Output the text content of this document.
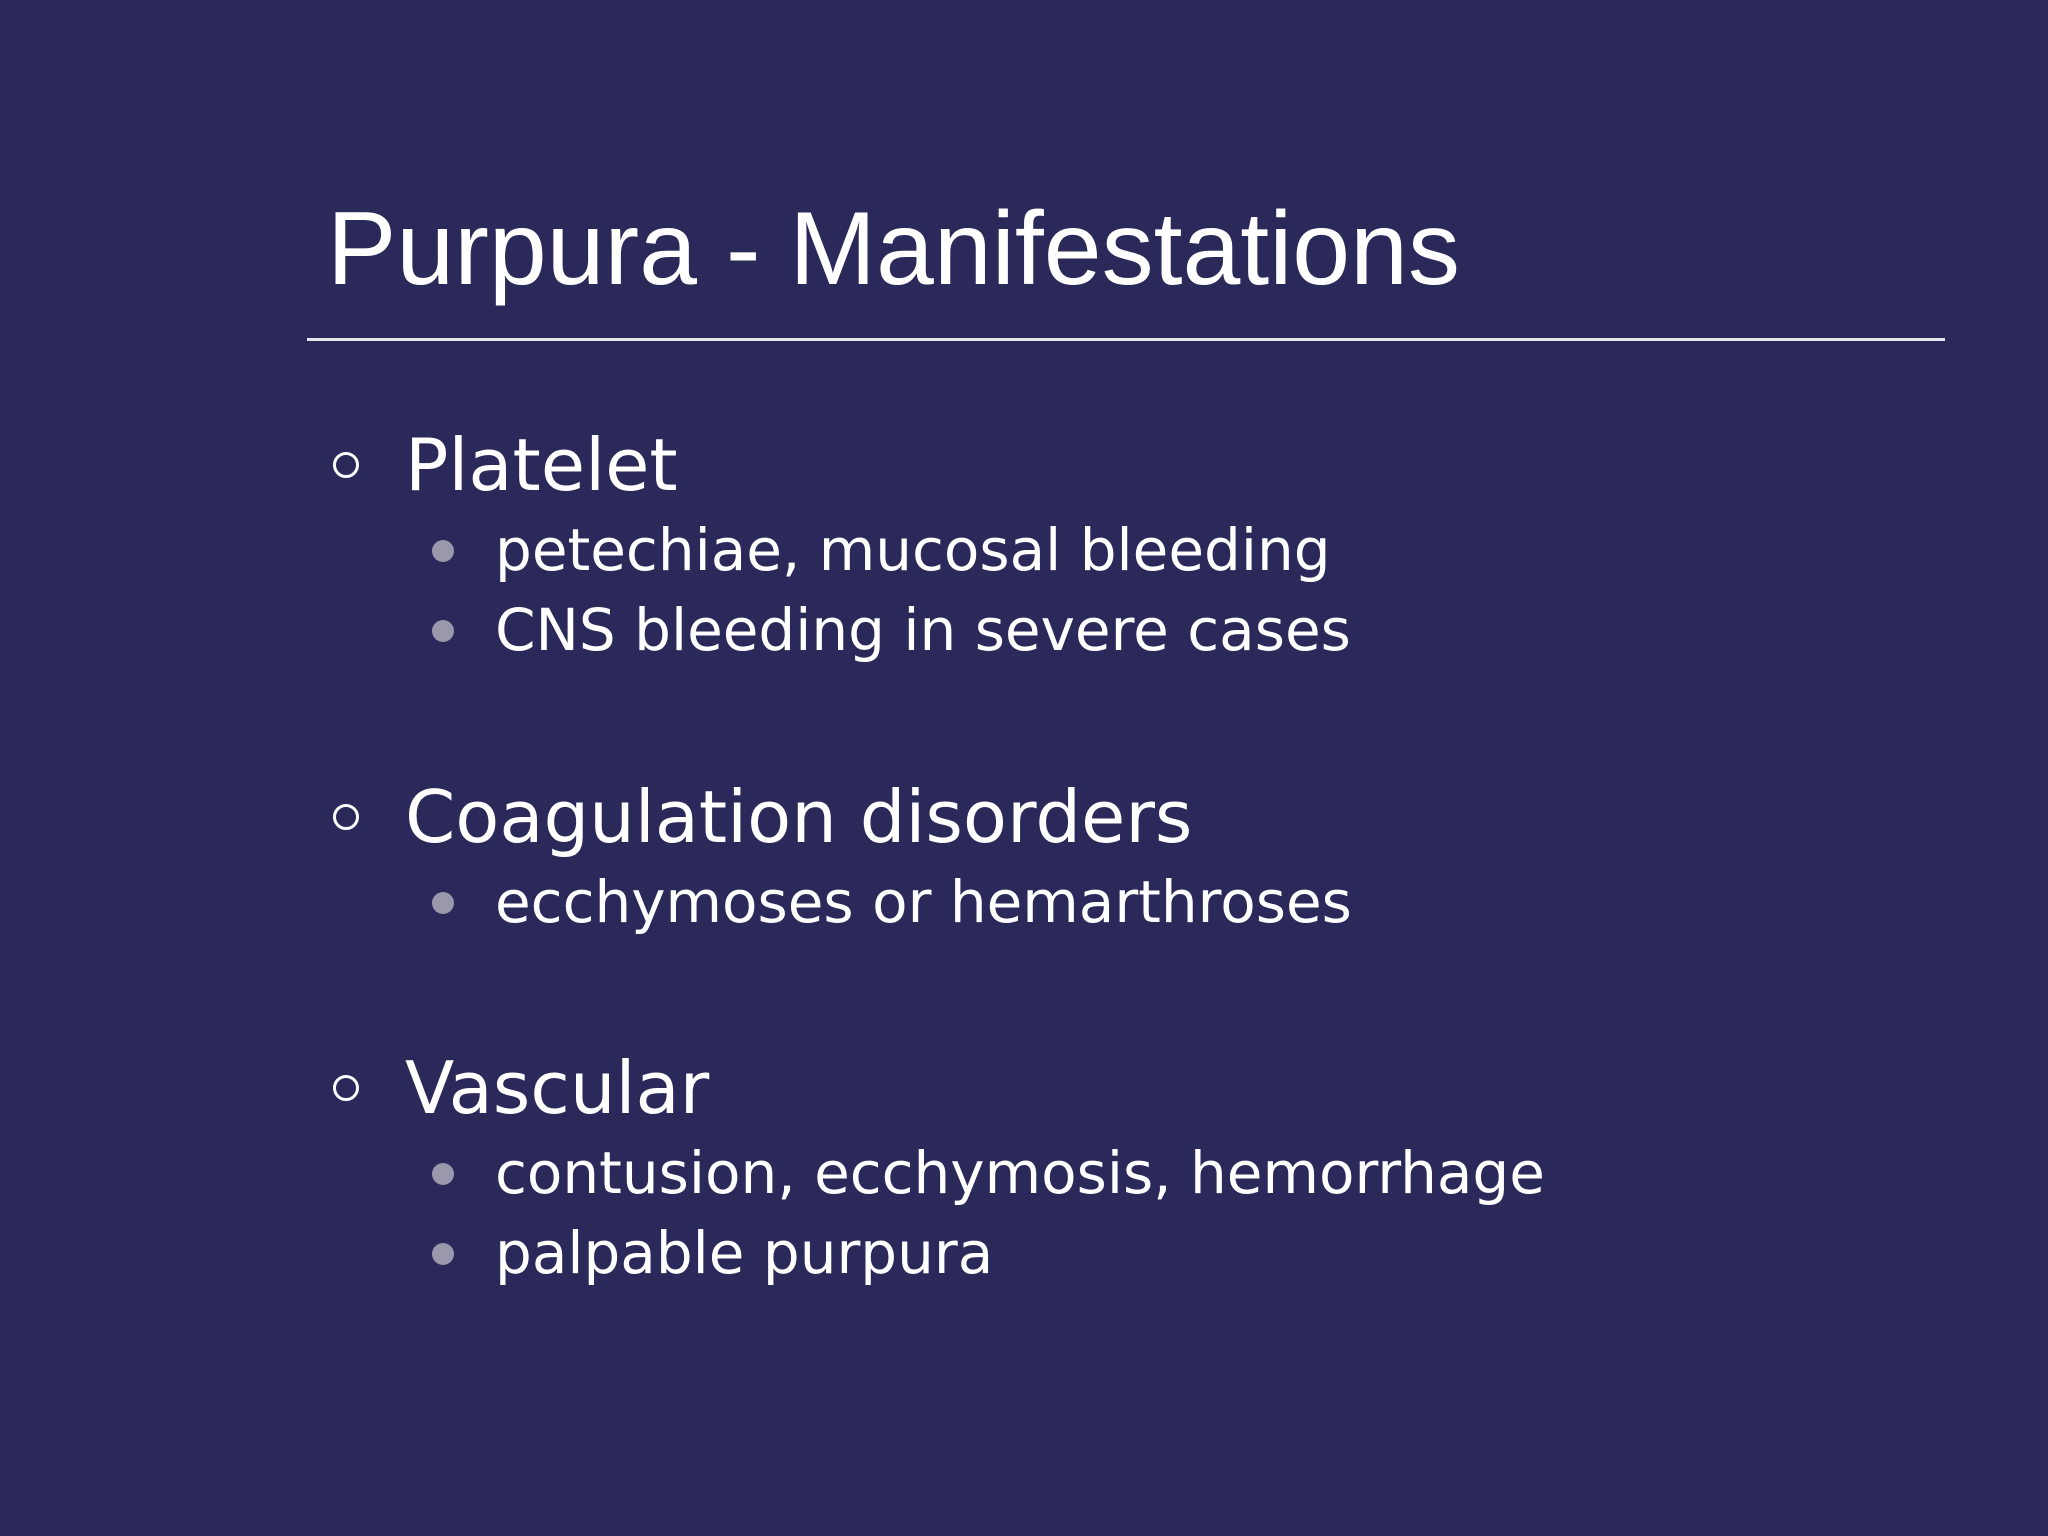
Purpura - Manifestations
Platelet
petechiae, mucosal bleeding
CNS bleeding in severe cases
Coagulation disorders
ecchymoses or hemarthroses
Vascular
contusion, ecchymosis, hemorrhage
palpable purpura
